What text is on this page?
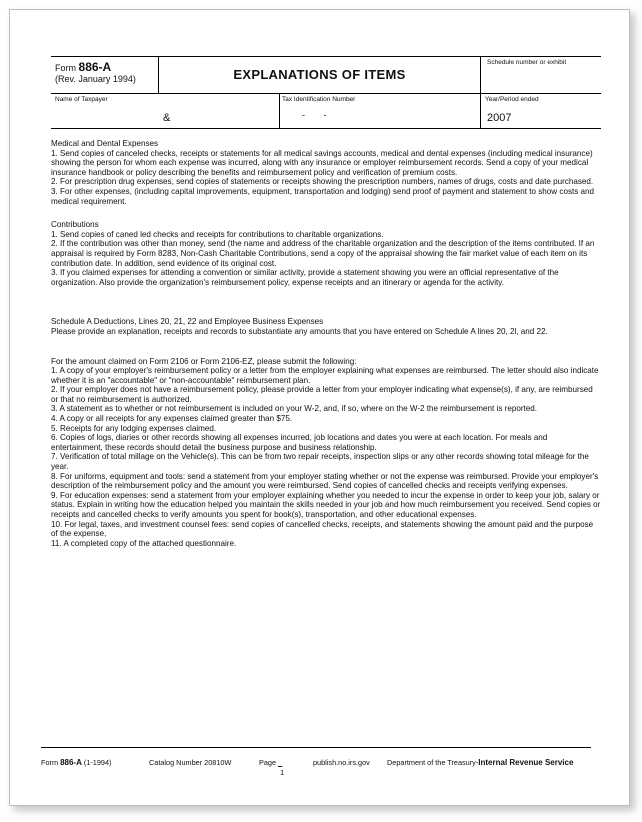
Form 886-A
(Rev. January 1994)	EXPLANATIONS OF ITEMS
Schedule number or exhibit
Name of Taxpayer
&
Tax Identification Number
- -
Year/Period ended
2007

Medical and Dental Expenses

1. Send copies of canceled checks, receipts or statements for all medical savings accounts, medical and dental expenses (including medical insurance) showing the person for whom each expense was incurred, along with any insurance or employer reimbursement records. Send a copy of your medical insurance handbook or policy describing the benefits and reimbursement policy and verification of premium costs.

2. For prescription drug expenses, send copies of statements or receipts showing the prescription numbers, names of drugs, costs and date purchased.

3. For other expenses, (including capital improvements, equipment, transportation and lodging) send proof of payment and statement to show costs and medical requirement.

Contributions

1. Send copies of caned led checks and receipts for contributions to charitable organizations.

2. If the contribution was other than money, send (the name and address of the charitable organization and the description of the items contributed. If an appraisal is required by Form 8283, Non-Cash Charitable Contributions, send a copy of the appraisal showing the fair market value of each item on its contribution date. In addition, send evidence of its original cost.

3. If you claimed expenses for attending a convention or similar activity, provide a statement showing you were an official representative of the organization. Also provide the organization's reimbursement policy, expense receipts and an itinerary or agenda for the activity.

Schedule A Deductions, Lines 20, 21, 22 and Employee Business Expenses

Please provide an explanation, receipts and records to substantiate any amounts that you have entered on Schedule A lines 20, 2l, and 22.

For the amount claimed on Form 2106 or Form 2106-EZ, please submit the following:

1. A copy of your employer's reimbursement policy or a letter from the employer explaining what expenses are reimbursed. The letter should also indicate whether it is an "accountable" or "non-accountable" reimbursement plan.

2. If your employer does not have a reimbursement policy, please provide a letter from your employer indicating what expense(s), if any, are reimbursed or that no reimbursement is authorized.

3. A statement as to whether or not reimbursement is included on your W-2, and, if so, where on the W-2 the reimbursement is reported.

4. A copy or all receipts for any expenses claimed greater than $75.

5. Receipts for any lodging expenses claimed.

6. Copies of logs, diaries or other records showing all expenses incurred, job locations and dates you were at each location. For meals and entertainment, these records should detail the business purpose and business relationship.

7. Verification of total millage on the Vehicle(s). This can be from two repair receipts, inspection slips or any other records showing total mileage for the year.

8. For uniforms, equipment and tools: send a statement from your employer stating whether or not the expense was reimbursed. Provide your employer's description of the reimbursement policy and the amount you were reimbursed. Send copies of cancelled checks and receipts verifying expenses.

9. For education expenses: send a statement from your employer explaining whether you needed to incur the expense in order to keep your job, salary or status. Explain in writing how the education helped you maintain the skills needed in your job and how much reimbursement you received. Send copies or receipts and cancelled checks to verify amounts you spent for book(s), transportation, and other educational expenses.

10. For legal, taxes, and investment counsel fees: send copies of cancelled checks, receipts, and statements showing the amount paid and the purpose of the expense,

11. A completed copy of the attached questionnaire.

Form 886-A (1-1994)	Catalog Number 20810W	Page
1

publish.no.irs.gov Department of the Treasury-Internal Revenue Service
